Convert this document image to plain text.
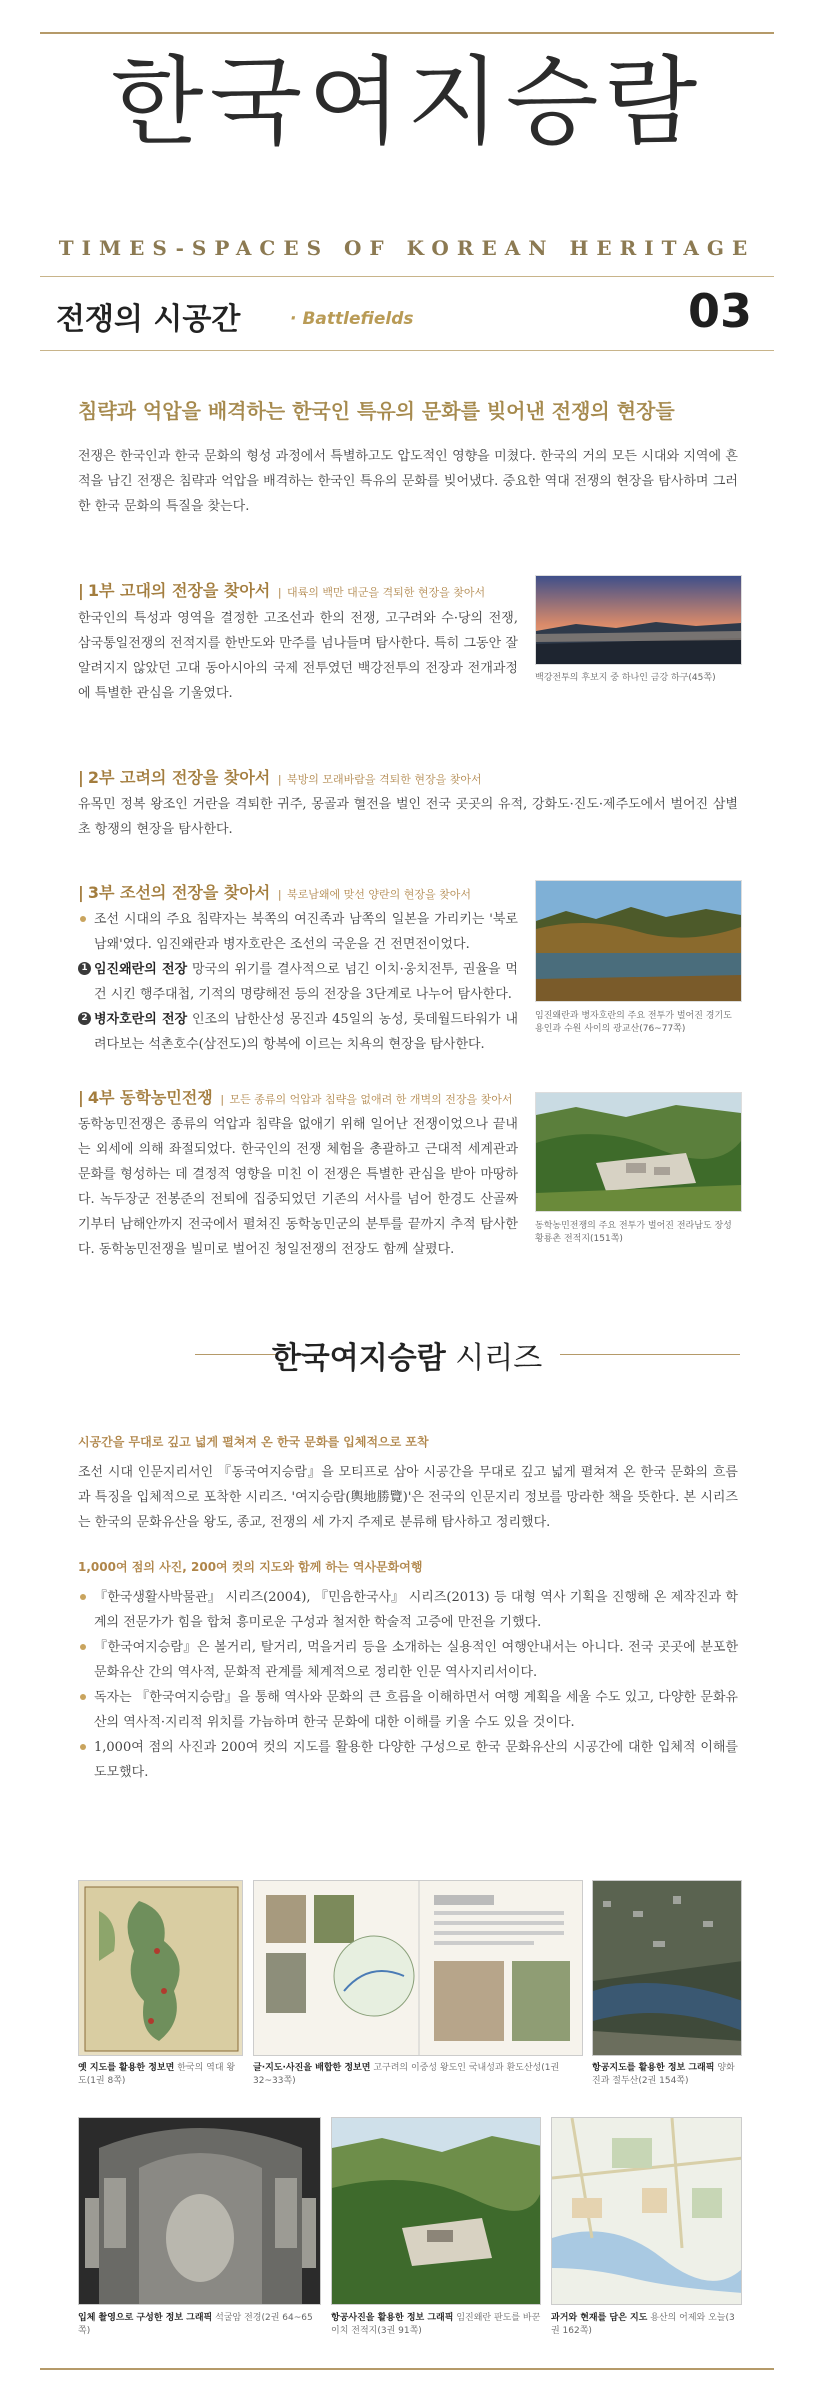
한국여지승람
TIMES-SPACES OF KOREAN HERITAGE
전쟁의 시공간
·	Battlefields	03
침략과 억압을 배격하는 한국인 특유의 문화를 빚어낸 전쟁의 현장들

전쟁은 한국인과 한국 문화의 형성 과정에서 특별하고도 압도적인 영향을 미쳤다. 한국의 거의 모든 시대와 지역에 흔적을 남긴 전쟁은 침략과 억압을 배격하는 한국인 특유의 문화를 빚어냈다. 중요한 역대 전쟁의 현장을 탐사하며 그러한 한국 문화의 특질을 찾는다.

| 1부 고대의 전장을 찾아서 | 대륙의 백만 대군을 격퇴한 현장을 찾아서

한국인의 특성과 영역을 결정한 고조선과 한의 전쟁, 고구려와 수·당의 전쟁, 삼국통일전쟁의 전적지를 한반도와 만주를 넘나들며 탐사한다. 특히 그동안 잘 알려지지 않았던 고대 동아시아의 국제 전투였던 백강전투의 전장과 전개과정에 특별한 관심을 기울였다.

백강전투의 후보지 중 하나인 금강 하구(45쪽)
| 2부 고려의 전장을 찾아서 | 북방의 모래바람을 격퇴한 현장을 찾아서

유목민 정복 왕조인 거란을 격퇴한 귀주, 몽골과 혈전을 벌인 전국 곳곳의 유적, 강화도·진도·제주도에서 벌어진 삼별초 항쟁의 현장을 탐사한다.

| 3부 조선의 전장을 찾아서 | 북로남왜에 맞선 양란의 현장을 찾아서
조선 시대의 주요 침략자는 북쪽의 여진족과 남쪽의 일본을 가리키는 '북로남왜'였다. 임진왜란과 병자호란은 조선의 국운을 건 전면전이었다.
1 임진왜란의 전장 망국의 위기를 결사적으로 넘긴 이치·웅치전투, 권율을 먹건 시킨 행주대첩, 기적의 명량해전 등의 전장을 3단계로 나누어 탐사한다.
2 병자호란의 전장 인조의 남한산성 몽진과 45일의 농성, 롯데월드타워가 내려다보는 석촌호수(삼전도)의 항복에 이르는 치욕의 현장을 탐사한다.
임진왜란과 병자호란의 주요 전투가 벌어진 경기도 용인과 수원 사이의 광교산(76~77쪽)
| 4부 동학농민전쟁 | 모든 종류의 억압과 침략을 없애려 한 개벽의 전장을 찾아서

동학농민전쟁은 종류의 억압과 침략을 없애기 위해 일어난 전쟁이었으나 끝내는 외세에 의해 좌절되었다. 한국인의 전쟁 체험을 총괄하고 근대적 세계관과 문화를 형성하는 데 결정적 영향을 미친 이 전쟁은 특별한 관심을 받아 마땅하다. 녹두장군 전봉준의 전퇴에 집중되었던 기존의 서사를 넘어 한경도 산골짜기부터 남해안까지 전국에서 펼쳐진 동학농민군의 분투를 끝까지 추적 탐사한다. 동학농민전쟁을 빌미로 벌어진 청일전쟁의 전장도 함께 살폈다.

동학농민전쟁의 주요 전투가 벌어진 전라남도 장성 황룡촌 전적지(151쪽)
한국여지승람 시리즈
시공간을 무대로 깊고 넓게 펼쳐져 온 한국 문화를 입체적으로 포착

조선 시대 인문지리서인 『동국여지승람』을 모티프로 삼아 시공간을 무대로 깊고 넓게 펼쳐져 온 한국 문화의 흐름과 특징을 입체적으로 포착한 시리즈. '여지승람(輿地勝覽)'은 전국의 인문지리 정보를 망라한 책을 뜻한다. 본 시리즈는 한국의 문화유산을 왕도, 종교, 전쟁의 세 가지 주제로 분류해 탐사하고 정리했다.

1,000여 점의 사진, 200여 컷의 지도와 함께 하는 역사문화여행
『한국생활사박물관』 시리즈(2004), 『민음한국사』 시리즈(2013) 등 대형 역사 기획을 진행해 온 제작진과 학계의 전문가가 힘을 합쳐 흥미로운 구성과 철저한 학술적 고증에 만전을 기했다.
『한국여지승람』은 볼거리, 탈거리, 먹을거리 등을 소개하는 실용적인 여행안내서는 아니다. 전국 곳곳에 분포한 문화유산 간의 역사적, 문화적 관계를 체계적으로 정리한 인문 역사지리서이다.
독자는 『한국여지승람』을 통해 역사와 문화의 큰 흐름을 이해하면서 여행 계획을 세울 수도 있고, 다양한 문화유산의 역사적·지리적 위치를 가늠하며 한국 문화에 대한 이해를 키울 수도 있을 것이다.
1,000여 점의 사진과 200여 컷의 지도를 활용한 다양한 구성으로 한국 문화유산의 시공간에 대한 입체적 이해를 도모했다.
옛 지도를 활용한 정보면 한국의 역대 왕도(1권 8쪽)
글·지도·사진을 배합한 정보면 고구려의 이중성 왕도인 국내성과 환도산성(1권 32~33쪽)
항공지도를 활용한 정보 그래픽 양화진과 절두산(2권 154쪽)
입체 촬영으로 구성한 정보 그래픽 석굴암 전경(2권 64~65쪽)
항공사진을 활용한 정보 그래픽 임진왜란 판도를 바꾼 이치 전적지(3권 91쪽)
과거와 현재를 담은 지도 용산의 어제와 오늘(3권 162쪽)
